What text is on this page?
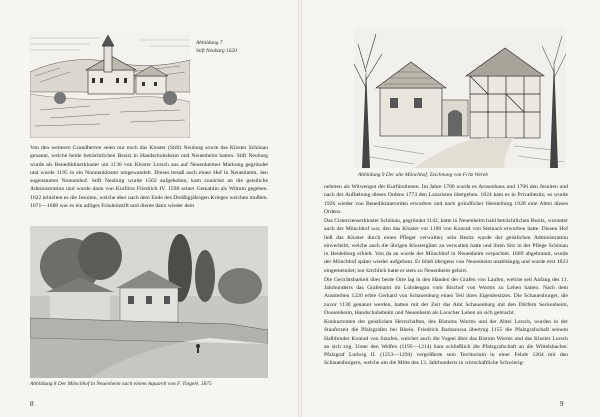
Abbildung 7
Stift Neuburg 1620

Von den weiteren Grundherren seien nur noch das Kloster (Stift) Neuburg sowie das Kloster Schönau genannt, welche beide beträchtlichen Besitz in Handschuhsheim und Neuenheim hatten. Stift Neuburg wurde als Benediktinerkloster um 1130 von Kloster Lorsch aus auf Neuenheimer Markung gegründet und wurde 1195 in ein Nonnenkloster umgewandelt. Dieses besaß auch einen Hof in Neuenheim, den sogenannten Nonnenhof. Stift Neuburg wurde 1562 aufgehoben, kam zunächst an die geistliche Administration und wurde dann von Kurfürst Friedrich IV. 1598 seiner Gemahlin als Wittum gegeben. 1622 erhielten es die Jesuiten, welche aber nach dem Ende des Dreißigjährigen Krieges weichen mußten. 1671—1680 war es ein adliges Fräuleinstift und diente dann wieder dem

Abbildung 8 Der Mönchhof in Neuenheim nach einem Aquarell von F. Tingelé, 1875
8
Abbildung 9 Der alte Mönchhof, Zeichnung von Fritz Wereb

nehmen als Witwengut der Kurfürstinnen. Im Jahre 1700 wurde es Arnsenhaus und 1706 den Jesuiten und nach der Aufhebung dieses Ordens 1773 den Lazaristen übergeben. 1824 kam es in Privatbesitz; es wurde 1926 wieder von Benediktinerorden erworben und nach gründlicher Herstellung 1928 eine Abtei dieses Ordens.

Das Cistercienserkloster Schönau, gegründet 1142, hatte in Neuenheim bald beträchtlichen Besitz, worunter auch der Mönchhof war, den das Kloster vor 1180 von Konrad von Steinach erworben hatte. Diesen Hof ließ das Kloster durch einen Pfleger verwalten; sein Besitz wurde der geistlichen Administration einverleibt, welche auch die übrigen Klostergüter zu verwalten hatte und ihren Sitz in der Pflege Schönau in Heidelberg erhielt. Von da an wurde der Mönchhof in Neuenheim verpachtet. 1689 abgebrannt, wurde der Mönchhof später wieder aufgebaut. Er blieb übrigens von Neuenheim unabhängig und wurde erst 1823 eingemeindet; nur kirchlich hatte er stets zu Neuenheim gehört.

Die Gerichtsbarkeit über beide Orte lag in den Händen der Grafen von Laufen, welche seit Anfang des 11. Jahrhunderts das Grafenamt im Lobdengau vom Bischof von Worms zu Lehen hatten. Nach dem Aussterben 1220 erbte Gerhard von Schauenburg einen Teil ihres Eigenbesitzes. Die Schauenburger, die zuvor 1130 genannt werden, hatten mit der Zeit das Amt Schauenburg mit den Dörfern Seckenheim, Dossenheim, Handschuhsheim und Neuenheim als Lorscher Lehen an sich gebracht.

Konkurrenten der geistlichen Herrschaften, des Bistums Worms und der Abtei Lorsch, wurden in der Stauferzeit die Pfalzgrafen bei Rhein. Friedrich Barbarossa übertrug 1155 die Pfalzgrafschaft seinem Halbbruder Konrad von Staufen, welcher auch die Vogtei über das Bistum Worms und das Kloster Lorsch an sich zog. Unter den Welfen (1195—1214) kam schließlich die Pfalzgrafschaft an die Wittelsbacher. Pfalzgraf Ludwig II. (1253—1294) vergrößerte sein Territorium in einer Fehde 1264 mit den Schauenburgern, welche um die Mitte des 13. Jahrhunderts in wirtschaftliche Schwierig-

9
